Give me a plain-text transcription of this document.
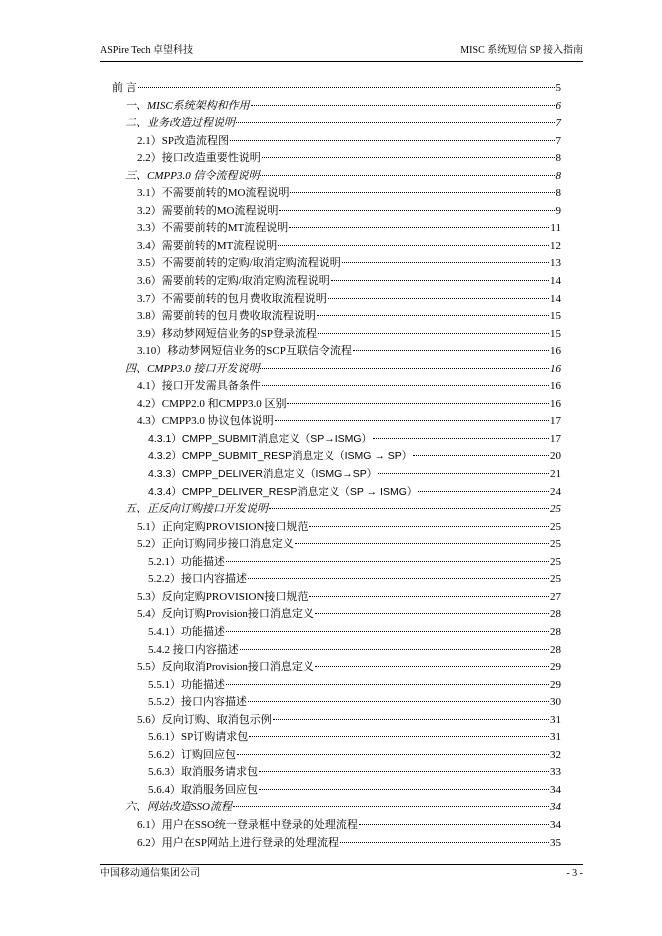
ASPire Tech 卓望科技	MISC 系统短信 SP 接入指南
前 言	5
一、MISC系统架构和作用	6
二、业务改造过程说明	7
2.1）SP改造流程图	7
2.2）接口改造重要性说明	8
三、CMPP3.0 信令流程说明	8
3.1）不需要前转的MO流程说明	8
3.2）需要前转的MO流程说明	9
3.3）不需要前转的MT流程说明	11
3.4）需要前转的MT流程说明	12
3.5）不需要前转的定购/取消定购流程说明	13
3.6）需要前转的定购/取消定购流程说明	14
3.7）不需要前转的包月费收取流程说明	14
3.8）需要前转的包月费收取流程说明	15
3.9）移动梦网短信业务的SP登录流程	15
3.10）移动梦网短信业务的SCP互联信令流程	16
四、CMPP3.0 接口开发说明	16
4.1）接口开发需具备条件	16
4.2）CMPP2.0 和CMPP3.0 区别	16
4.3）CMPP3.0 协议包体说明	17
4.3.1）CMPP_SUBMIT消息定义（SP→ISMG）	17
4.3.2）CMPP_SUBMIT_RESP消息定义（ISMG → SP）	20
4.3.3）CMPP_DELIVER消息定义（ISMG→SP）	21
4.3.4）CMPP_DELIVER_RESP消息定义（SP → ISMG）	24
五、正反向订购接口开发说明	25
5.1）正向定购PROVISION接口规范	25
5.2）正向订购同步接口消息定义	25
5.2.1）功能描述	25
5.2.2）接口内容描述	25
5.3）反向定购PROVISION接口规范	27
5.4）反向订购Provision接口消息定义	28
5.4.1）功能描述	28
5.4.2 接口内容描述	28
5.5）反向取消Provision接口消息定义	29
5.5.1）功能描述	29
5.5.2）接口内容描述	30
5.6）反向订购、取消包示例	31
5.6.1）SP订购请求包	31
5.6.2）订购回应包	32
5.6.3）取消服务请求包	33
5.6.4）取消服务回应包	34
六、网站改造SSO流程	34
6.1）用户在SSO统一登录框中登录的处理流程	34
6.2）用户在SP网站上进行登录的处理流程	35
中国移动通信集团公司	- 3 -
